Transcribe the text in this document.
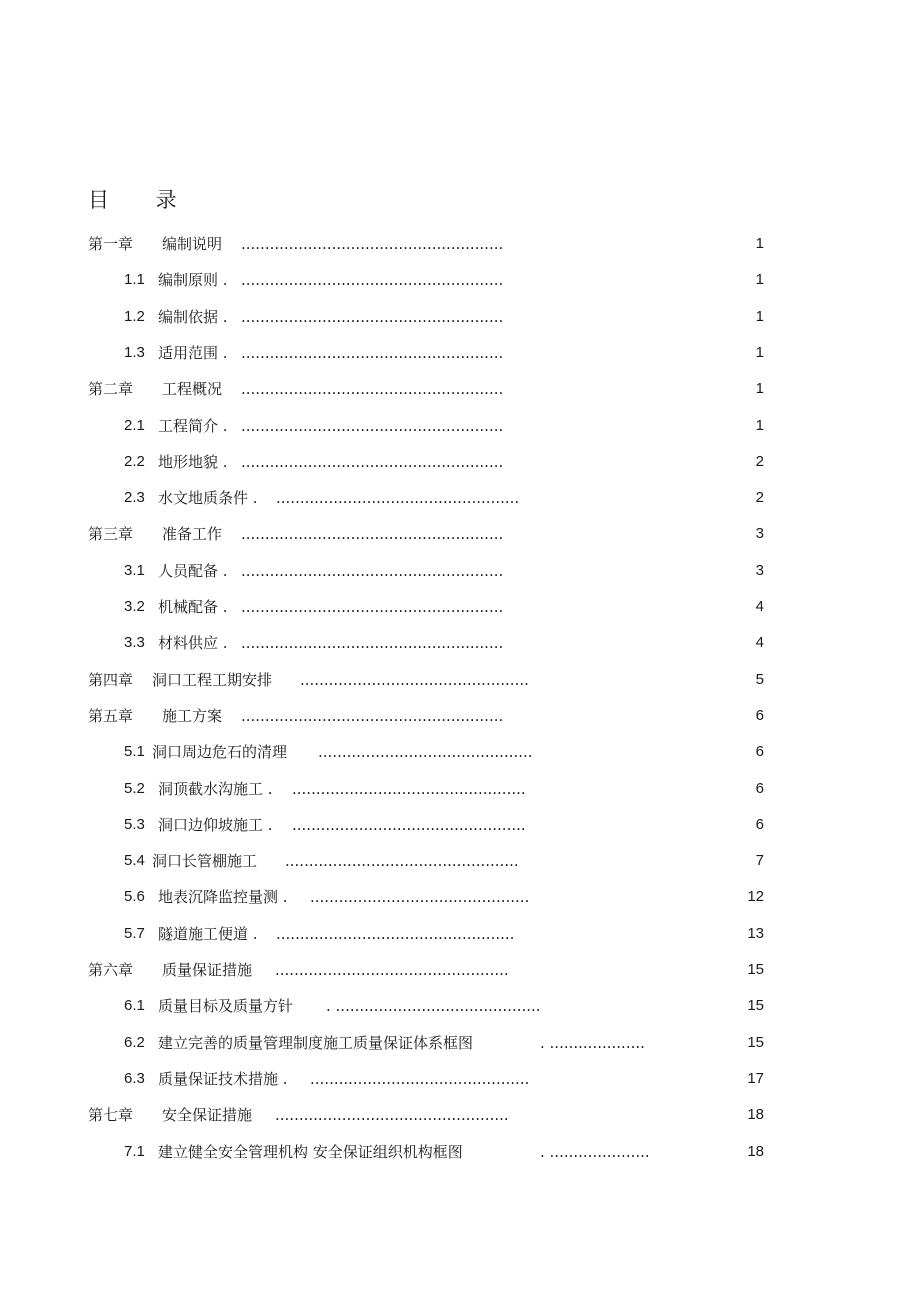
目 录
第一章 编制说明 .......................................................	1
1.1 编制原则 . .......................................................	1
1.2 编制依据 . .......................................................	1
1.3 适用范围 . .......................................................	1
第二章 工程概况 .......................................................	1
2.1 工程简介 . .......................................................	1
2.2 地形地貌 . .......................................................	2
2.3 水文地质条件 . ...................................................	2
第三章 准备工作 .......................................................	3
3.1 人员配备 . .......................................................	3
3.2 机械配备 . .......................................................	4
3.3 材料供应 . .......................................................	4
第四章 洞口工程工期安排 ................................................	5
第五章 施工方案 .......................................................	6
5.1 洞口周边危石的清理 .............................................	6
5.2 洞顶截水沟施工 . .................................................	6
5.3 洞口边仰坡施工 . .................................................	6
5.4 洞口长管棚施工 .................................................	7
5.6 地表沉降监控量测 . ..............................................	12
5.7 隧道施工便道 . ..................................................	13
第六章 质量保证措施 .................................................	15
6.1 质量目标及质量方针 . ...........................................	15
6.2 建立完善的质量管理制度施工质量保证体系框图	. ....................	15
6.3 质量保证技术措施 . ..............................................	17
第七章 安全保证措施 .................................................	18
7.1 建立健全安全管理机构 安全保证组织机构框图	. .....................	18
